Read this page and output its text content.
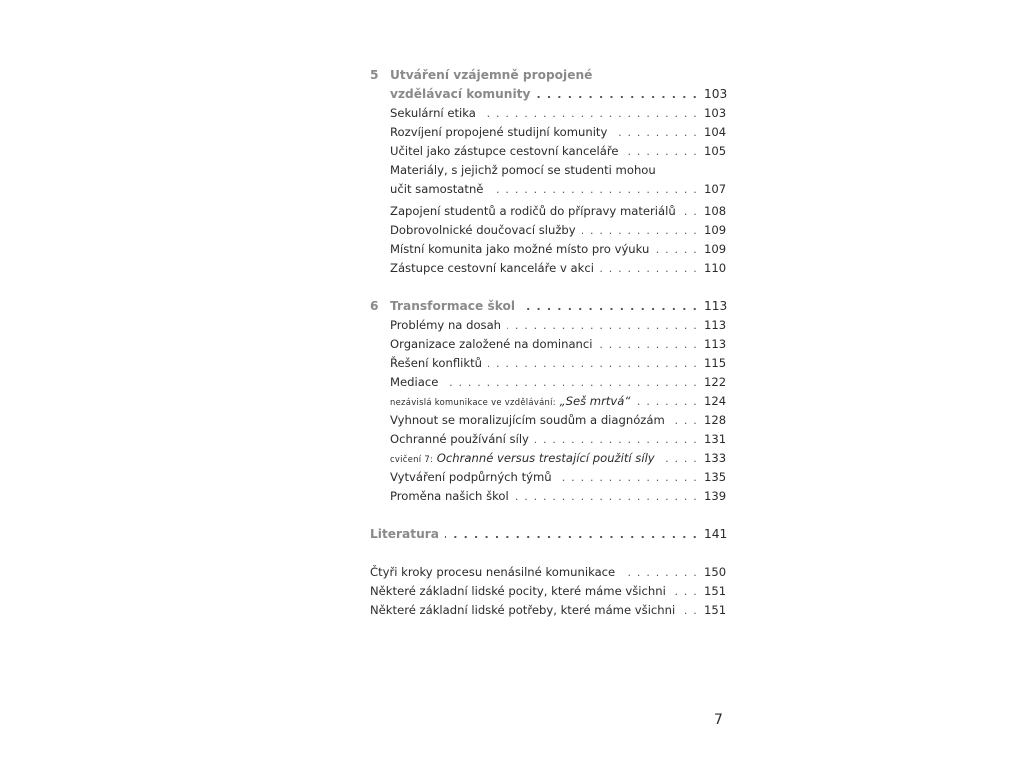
5 Utváření vzájemně propojené
vzdělávací komunity . . .	103
Sekulární etika . . .	103
Rozvíjení propojené studijní komunity . . .	104
Učitel jako zástupce cestovní kanceláře . . .	105
Materiály, s jejichž pomocí se studenti mohou
učit samostatně . . .	107
Zapojení studentů a rodičů do přípravy materiálů . . . 108
Dobrovolnické doučovací služby . . .	109
Místní komunita jako možné místo pro výuku . . .	109
Zástupce cestovní kanceláře v akci . . .	110
6 Transformace škol . . .	113
Problémy na dosah . . .	113
Organizace založené na dominanci . . .	113
Řešení konfliktů . . .	115
Mediace . . .	122
nezávislá komunikace ve vzdělávání: „Seš mrtvá“ . . .	124
Vyhnout se moralizujícím soudům a diagnózám . . .	128
Ochranné používání síly . . .	131
cvičení 7: Ochranné versus trestající použití síly . . .	133
Vytváření podpůrných týmů . . .	135
Proměna našich škol . . .	139
Literatura . . .	141
Čtyři kroky procesu nenásilné komunikace . . .	150
Některé základní lidské pocity, které máme všichni . . .	151
Některé základní lidské potřeby, které máme všichni . . . 151
7
